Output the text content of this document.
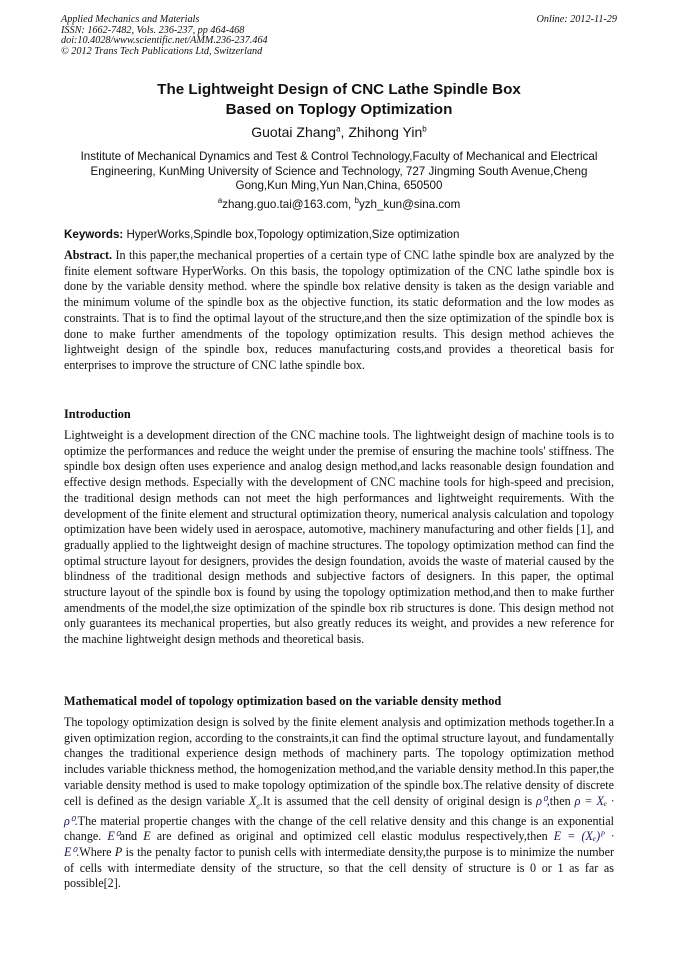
Applied Mechanics and Materials
ISSN: 1662-7482, Vols. 236-237, pp 464-468
doi:10.4028/www.scientific.net/AMM.236-237.464
© 2012 Trans Tech Publications Ltd, Switzerland
Online: 2012-11-29
The Lightweight Design of CNC Lathe Spindle Box
Based on Toplogy Optimization
Guotai Zhang$^a$, Zhihong Yin$^b$
Institute of Mechanical Dynamics and Test & Control Technology,Faculty of Mechanical and Electrical Engineering, KunMing University of Science and Technology, 727 Jingming South Avenue,Cheng Gong,Kun Ming,Yun Nan,China, 650500
$^a$zhang.guo.tai@163.com, $^b$yzh_kun@sina.com
Keywords: HyperWorks,Spindle box,Topology optimization,Size optimization
Abstract. In this paper,the mechanical properties of a certain type of CNC lathe spindle box are analyzed by the finite element software HyperWorks. On this basis, the topology optimization of the CNC lathe spindle box is done by the variable density method. where the spindle box relative density is taken as the design variable and the minimum volume of the spindle box as the objective function, its static deformation and the low modes as constraints. That is to find the optimal layout of the structure,and then the size optimization of the spindle box is done to make further amendments of the topology optimization results. This design method achieves the lightweight design of the spindle box, reduces manufacturing costs,and provides a theoretical basis for enterprises to improve the structure of CNC lathe spindle box.
Introduction
Lightweight is a development direction of the CNC machine tools. The lightweight design of machine tools is to optimize the performances and reduce the weight under the premise of ensuring the machine tools' stiffness. The spindle box design often uses experience and analog design method,and lacks reasonable design foundation and effective design methods. Especially with the development of CNC machine tools for high-speed and precision, the traditional design methods can not meet the high performances and lightweight requirements. With the development of the finite element and structural optimization theory, numerical analysis calculation and topology optimization have been widely used in aerospace, automotive, machinery manufacturing and other fields [1], and gradually applied to the lightweight design of machine structures. The topology optimization method can find the optimal structure layout for designers, provides the design foundation, avoids the waste of material caused by the blindness of the traditional design methods and subjective factors of designers. In this paper, the optimal structure layout of the spindle box is found by using the topology optimization method,and then to make further amendments of the model,the size optimization of the spindle box rib structures is done. This design method not only guarantees its mechanical properties, but also greatly reduces its weight, and provides a new reference for the machine lightweight design methods and theoretical basis.
Mathematical model of topology optimization based on the variable density method
The topology optimization design is solved by the finite element analysis and optimization methods together.In a given optimization region, according to the constraints,it can find the optimal structure layout, and fundamentally changes the traditional experience design methods of machinery parts. The topology optimization method includes variable thickness method, the homogenization method,and the variable density method.In this paper,the variable density method is used to make topology optimization of the spindle box.The relative density of discrete cell is defined as the design variable $X_e.It$ is assumed that the cell density of original design is ρ⁰,then ρ = Xₑ · ρ⁰.The material propertie changes with the change of the cell relative density and this change is an exponential change. E⁰and E are defined as original and optimized cell elastic modulus respectively,then E = (Xₑ)ᴾ · E⁰.Where P is the penalty factor to punish cells with intermediate density,the purpose is to minimize the number of cells with intermediate density of the structure, so that the cell density of structure is 0 or 1 as far as possible[2].
